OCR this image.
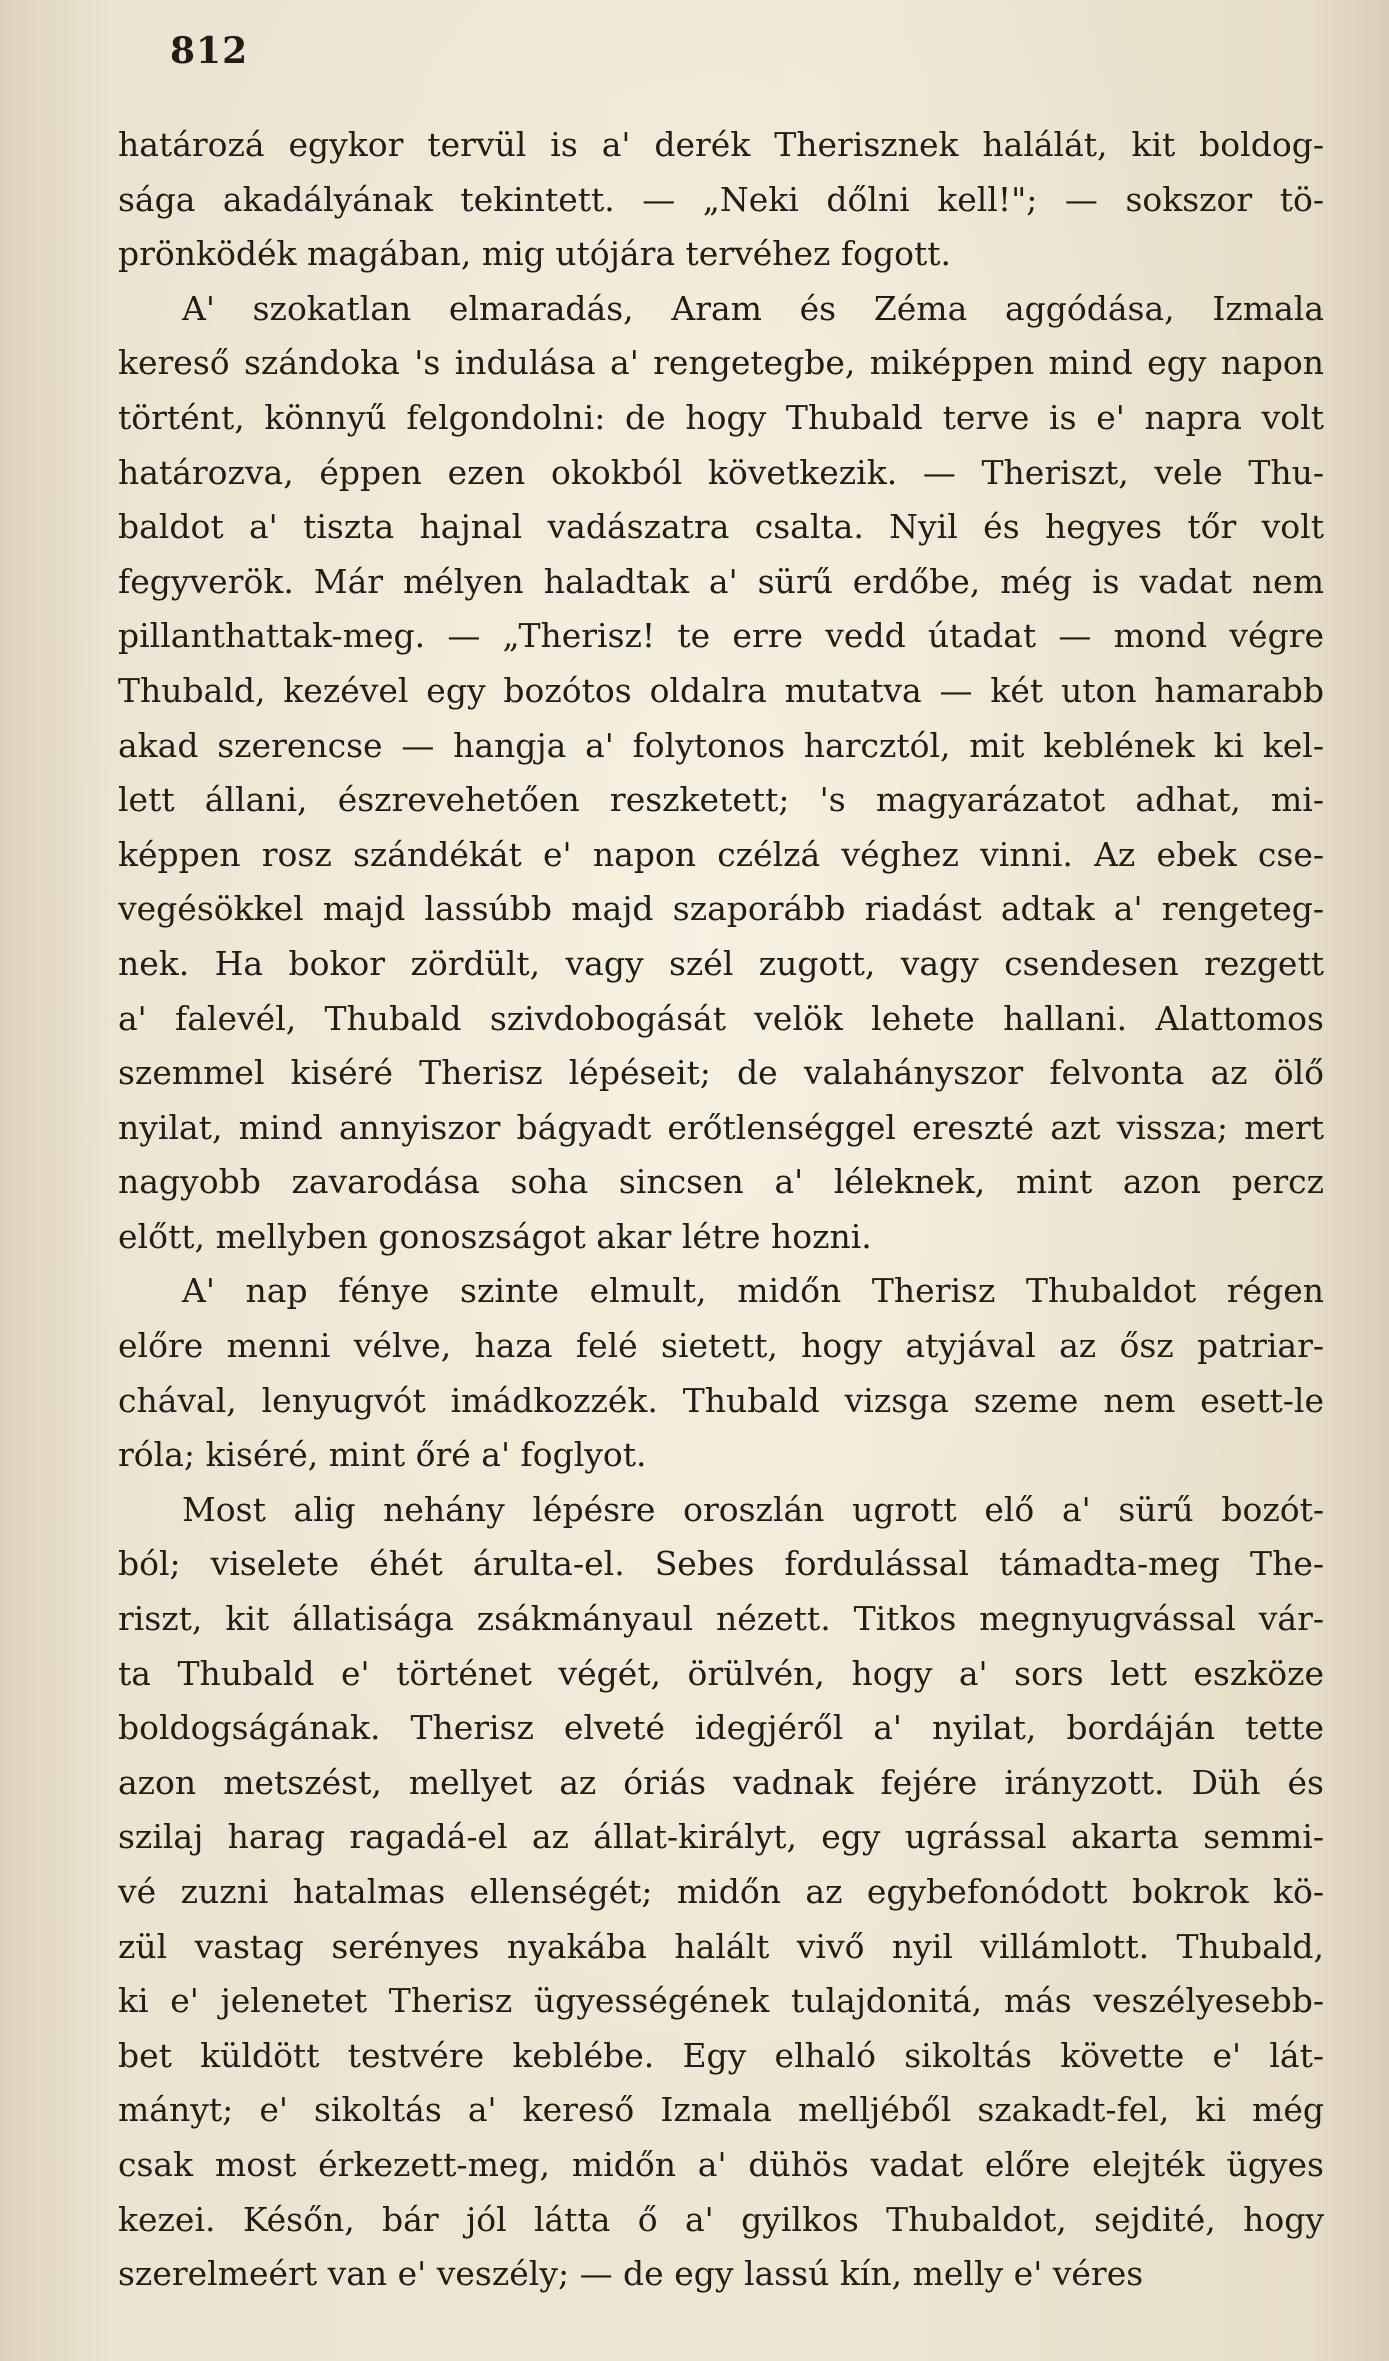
812
határozá egykor tervül is a' derék Therisznek halálát, kit boldog-
sága akadályának tekintett. — „Neki dőlni kell!"; — sokszor tö-
prönködék magában, mig utójára tervéhez fogott.
A' szokatlan elmaradás, Aram és Zéma aggódása, Izmala
kereső szándoka 's indulása a' rengetegbe, miképpen mind egy napon
történt, könnyű felgondolni: de hogy Thubald terve is e' napra volt
határozva, éppen ezen okokból következik. — Theriszt, vele Thu-
baldot a' tiszta hajnal vadászatra csalta. Nyil és hegyes tőr volt
fegyverök. Már mélyen haladtak a' sürű erdőbe, még is vadat nem
pillanthattak-meg. — „Therisz! te erre vedd útadat — mond végre
Thubald, kezével egy bozótos oldalra mutatva — két uton hamarabb
akad szerencse — hangja a' folytonos harcztól, mit keblének ki kel-
lett állani, észrevehetően reszketett; 's magyarázatot adhat, mi-
képpen rosz szándékát e' napon czélzá véghez vinni. Az ebek cse-
vegésökkel majd lassúbb majd szaporább riadást adtak a' rengeteg-
nek. Ha bokor zördült, vagy szél zugott, vagy csendesen rezgett
a' falevél, Thubald szivdobogását velök lehete hallani. Alattomos
szemmel kiséré Therisz lépéseit; de valahányszor felvonta az ölő
nyilat, mind annyiszor bágyadt erőtlenséggel ereszté azt vissza; mert
nagyobb zavarodása soha sincsen a' léleknek, mint azon percz
előtt, mellyben gonoszságot akar létre hozni.
A' nap fénye szinte elmult, midőn Therisz Thubaldot régen
előre menni vélve, haza felé sietett, hogy atyjával az ősz patriar-
chával, lenyugvót imádkozzék. Thubald vizsga szeme nem esett-le
róla; kiséré, mint őré a' foglyot.
Most alig nehány lépésre oroszlán ugrott elő a' sürű bozót-
ból; viselete éhét árulta-el. Sebes fordulással támadta-meg The-
riszt, kit állatisága zsákmányaul nézett. Titkos megnyugvással vár-
ta Thubald e' történet végét, örülvén, hogy a' sors lett eszköze
boldogságának. Therisz elveté idegjéről a' nyilat, bordáján tette
azon metszést, mellyet az óriás vadnak fejére irányzott. Düh és
szilaj harag ragadá-el az állat-királyt, egy ugrással akarta semmi-
vé zuzni hatalmas ellenségét; midőn az egybefonódott bokrok kö-
zül vastag serényes nyakába halált vivő nyil villámlott. Thubald,
ki e' jelenetet Therisz ügyességének tulajdonitá, más veszélyesebb-
bet küldött testvére keblébe. Egy elhaló sikoltás követte e' lát-
mányt; e' sikoltás a' kereső Izmala melljéből szakadt-fel, ki még
csak most érkezett-meg, midőn a' dühös vadat előre elejték ügyes
kezei. Későn, bár jól látta ő a' gyilkos Thubaldot, sejdité, hogy
szerelmeért van e' veszély; — de egy lassú kín, melly e' véres
